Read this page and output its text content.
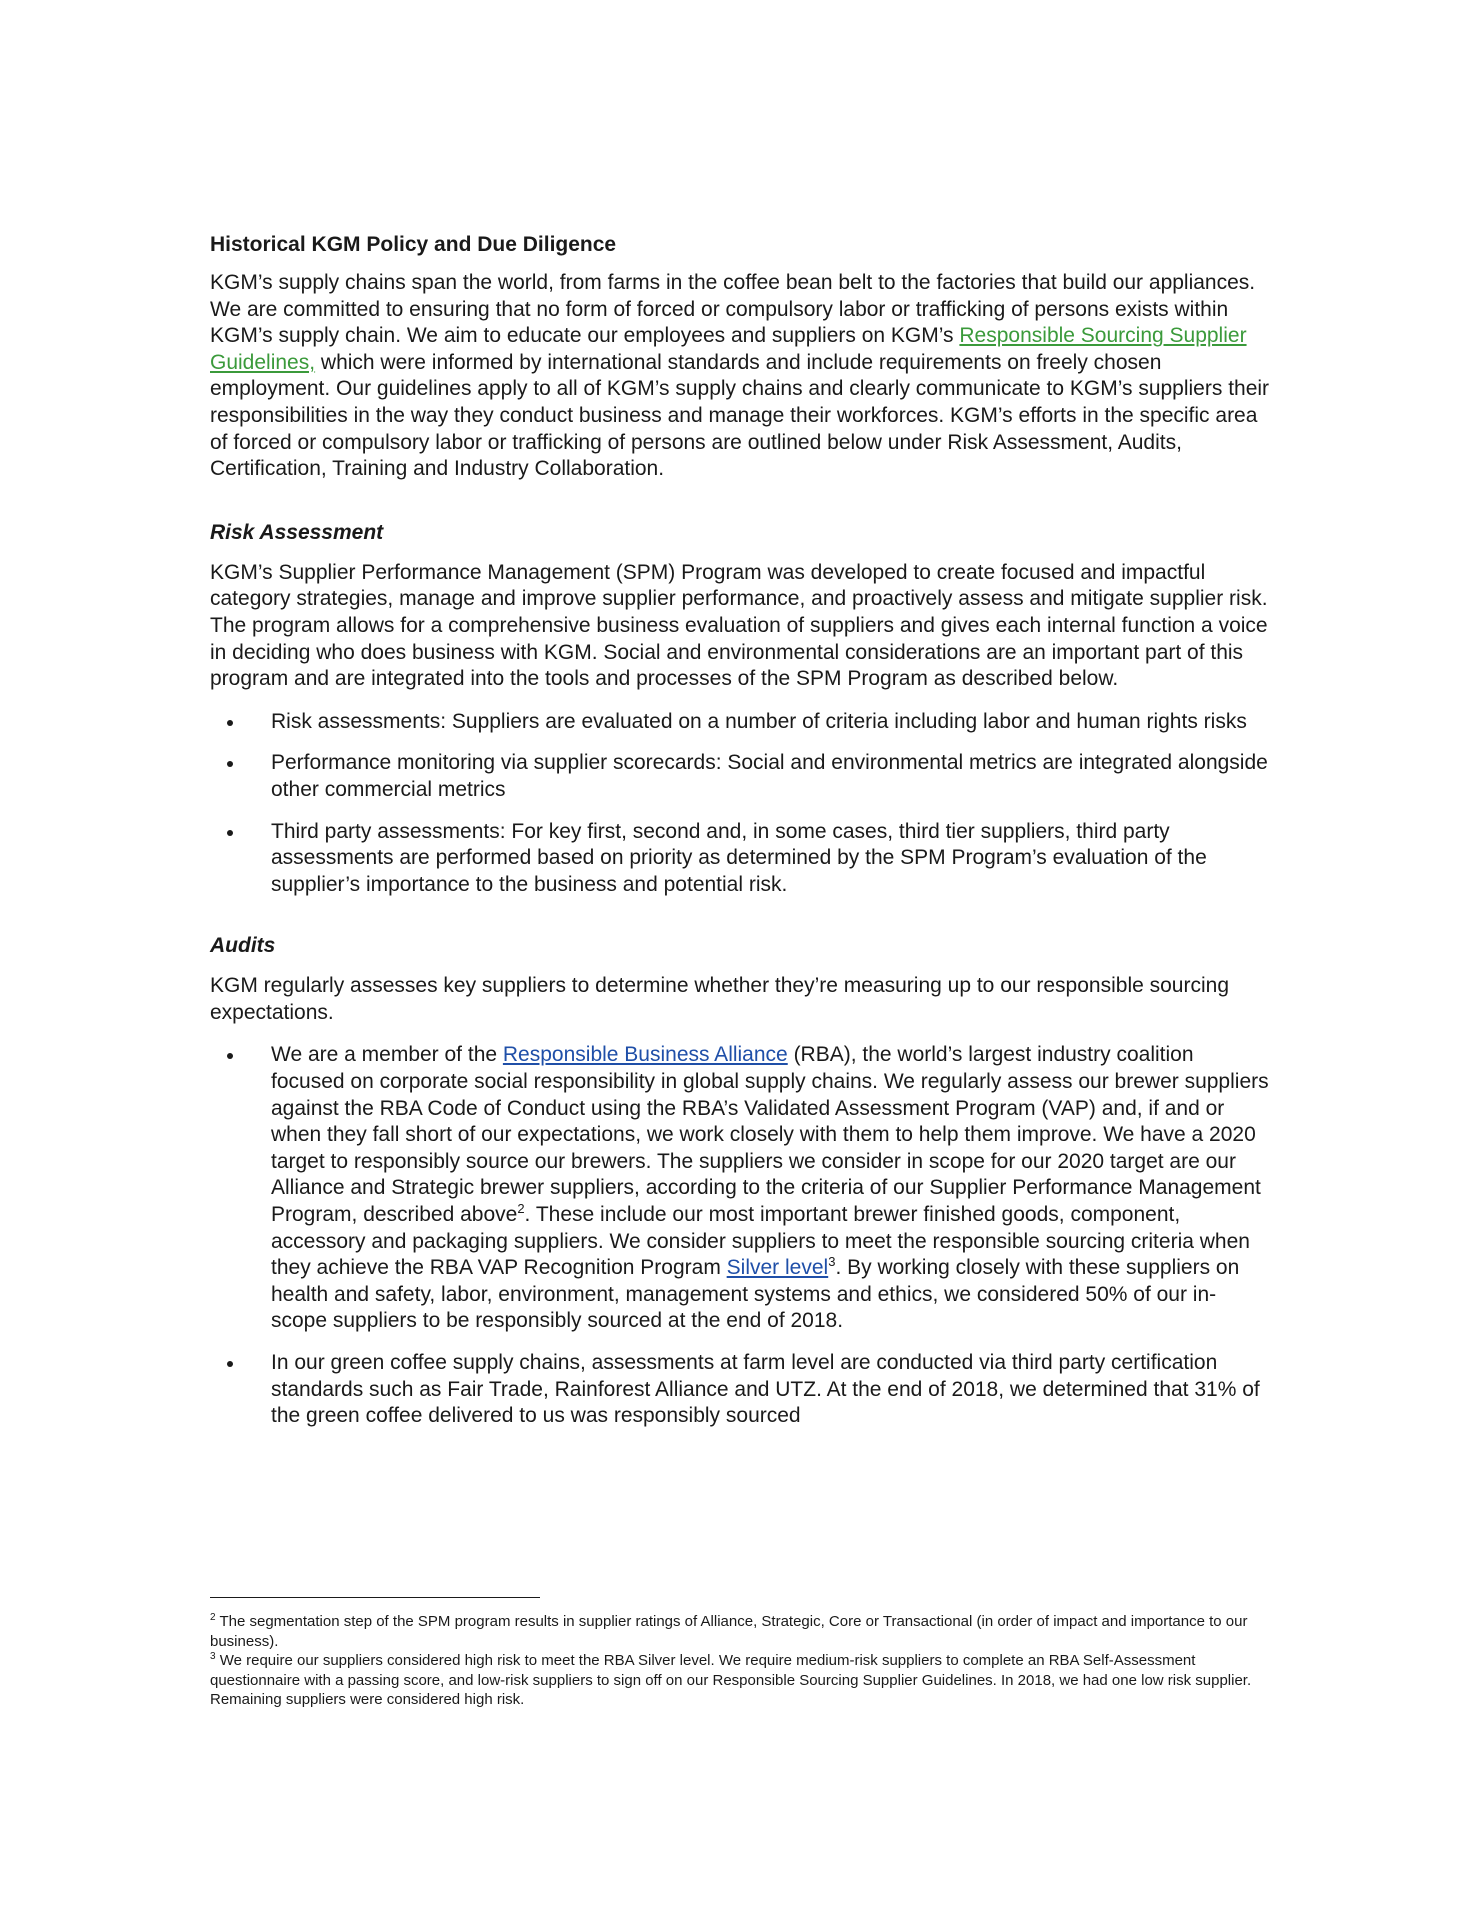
Historical KGM Policy and Due Diligence

KGM’s supply chains span the world, from farms in the coffee bean belt to the factories that build our appliances. We are committed to ensuring that no form of forced or compulsory labor or trafficking of persons exists within KGM’s supply chain. We aim to educate our employees and suppliers on KGM’s Responsible Sourcing Supplier Guidelines, which were informed by international standards and include requirements on freely chosen employment. Our guidelines apply to all of KGM’s supply chains and clearly communicate to KGM’s suppliers their responsibilities in the way they conduct business and manage their workforces. KGM’s efforts in the specific area of forced or compulsory labor or trafficking of persons are outlined below under Risk Assessment, Audits, Certification, Training and Industry Collaboration.

Risk Assessment

KGM’s Supplier Performance Management (SPM) Program was developed to create focused and impactful category strategies, manage and improve supplier performance, and proactively assess and mitigate supplier risk. The program allows for a comprehensive business evaluation of suppliers and gives each internal function a voice in deciding who does business with KGM. Social and environmental considerations are an important part of this program and are integrated into the tools and processes of the SPM Program as described below.

Risk assessments: Suppliers are evaluated on a number of criteria including labor and human rights risks
Performance monitoring via supplier scorecards: Social and environmental metrics are integrated alongside other commercial metrics
Third party assessments: For key first, second and, in some cases, third tier suppliers, third party assessments are performed based on priority as determined by the SPM Program’s evaluation of the supplier’s importance to the business and potential risk.
Audits

KGM regularly assesses key suppliers to determine whether they’re measuring up to our responsible sourcing expectations.

We are a member of the Responsible Business Alliance (RBA), the world’s largest industry coalition focused on corporate social responsibility in global supply chains. We regularly assess our brewer suppliers against the RBA Code of Conduct using the RBA’s Validated Assessment Program (VAP) and, if and or when they fall short of our expectations, we work closely with them to help them improve. We have a 2020 target to responsibly source our brewers. The suppliers we consider in scope for our 2020 target are our Alliance and Strategic brewer suppliers, according to the criteria of our Supplier Performance Management Program, described above$^2$. These include our most important brewer finished goods, component, accessory and packaging suppliers. We consider suppliers to meet the responsible sourcing criteria when they achieve the RBA VAP Recognition Program Silver level$^3$. By working closely with these suppliers on health and safety, labor, environment, management systems and ethics, we considered 50% of our in-scope suppliers to be responsibly sourced at the end of 2018.
In our green coffee supply chains, assessments at farm level are conducted via third party certification standards such as Fair Trade, Rainforest Alliance and UTZ. At the end of 2018, we determined that 31% of the green coffee delivered to us was responsibly sourced

$^2$ The segmentation step of the SPM program results in supplier ratings of Alliance, Strategic, Core or Transactional (in order of impact and importance to our business).

$^3$ We require our suppliers considered high risk to meet the RBA Silver level. We require medium-risk suppliers to complete an RBA Self-Assessment questionnaire with a passing score, and low-risk suppliers to sign off on our Responsible Sourcing Supplier Guidelines. In 2018, we had one low risk supplier. Remaining suppliers were considered high risk.
